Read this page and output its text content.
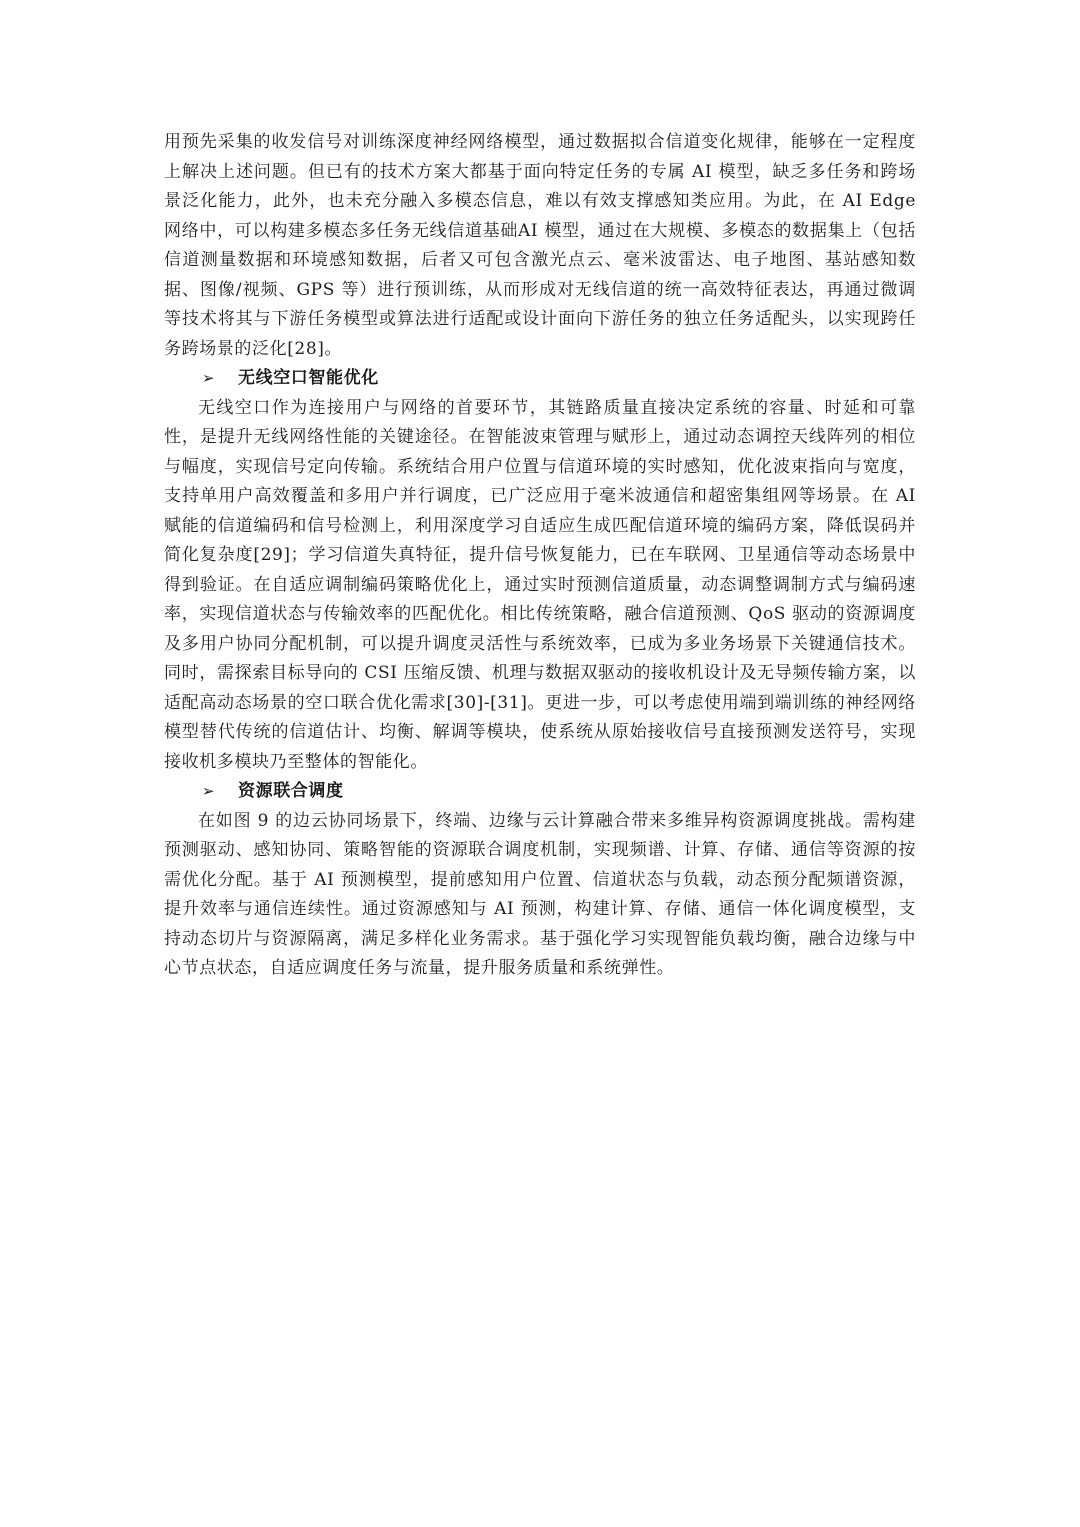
用预先采集的收发信号对训练深度神经网络模型，通过数据拟合信道变化规律，能够在一定程度上解决上述问题。但已有的技术方案大都基于面向特定任务的专属 AI 模型，缺乏多任务和跨场景泛化能力，此外，也未充分融入多模态信息，难以有效支撑感知类应用。为此，在 AI Edge 网络中，可以构建多模态多任务无线信道基础AI 模型，通过在大规模、多模态的数据集上（包括信道测量数据和环境感知数据，后者又可包含激光点云、毫米波雷达、电子地图、基站感知数据、图像/视频、GPS 等）进行预训练，从而形成对无线信道的统一高效特征表达，再通过微调等技术将其与下游任务模型或算法进行适配或设计面向下游任务的独立任务适配头，以实现跨任务跨场景的泛化[28]。

➢ 无线空口智能优化

无线空口作为连接用户与网络的首要环节，其链路质量直接决定系统的容量、时延和可靠性，是提升无线网络性能的关键途径。在智能波束管理与赋形上，通过动态调控天线阵列的相位与幅度，实现信号定向传输。系统结合用户位置与信道环境的实时感知，优化波束指向与宽度，支持单用户高效覆盖和多用户并行调度，已广泛应用于毫米波通信和超密集组网等场景。在 AI 赋能的信道编码和信号检测上，利用深度学习自适应生成匹配信道环境的编码方案，降低误码并简化复杂度[29]；学习信道失真特征，提升信号恢复能力，已在车联网、卫星通信等动态场景中得到验证。在自适应调制编码策略优化上，通过实时预测信道质量，动态调整调制方式与编码速率，实现信道状态与传输效率的匹配优化。相比传统策略，融合信道预测、QoS 驱动的资源调度及多用户协同分配机制，可以提升调度灵活性与系统效率，已成为多业务场景下关键通信技术。同时，需探索目标导向的 CSI 压缩反馈、机理与数据双驱动的接收机设计及无导频传输方案，以适配高动态场景的空口联合优化需求[30]-[31]。更进一步，可以考虑使用端到端训练的神经网络模型替代传统的信道估计、均衡、解调等模块，使系统从原始接收信号直接预测发送符号，实现接收机多模块乃至整体的智能化。

➢ 资源联合调度

在如图 9 的边云协同场景下，终端、边缘与云计算融合带来多维异构资源调度挑战。需构建预测驱动、感知协同、策略智能的资源联合调度机制，实现频谱、计算、存储、通信等资源的按需优化分配。基于 AI 预测模型，提前感知用户位置、信道状态与负载，动态预分配频谱资源，提升效率与通信连续性。通过资源感知与 AI 预测，构建计算、存储、通信一体化调度模型，支持动态切片与资源隔离，满足多样化业务需求。基于强化学习实现智能负载均衡，融合边缘与中心节点状态，自适应调度任务与流量，提升服务质量和系统弹性。
